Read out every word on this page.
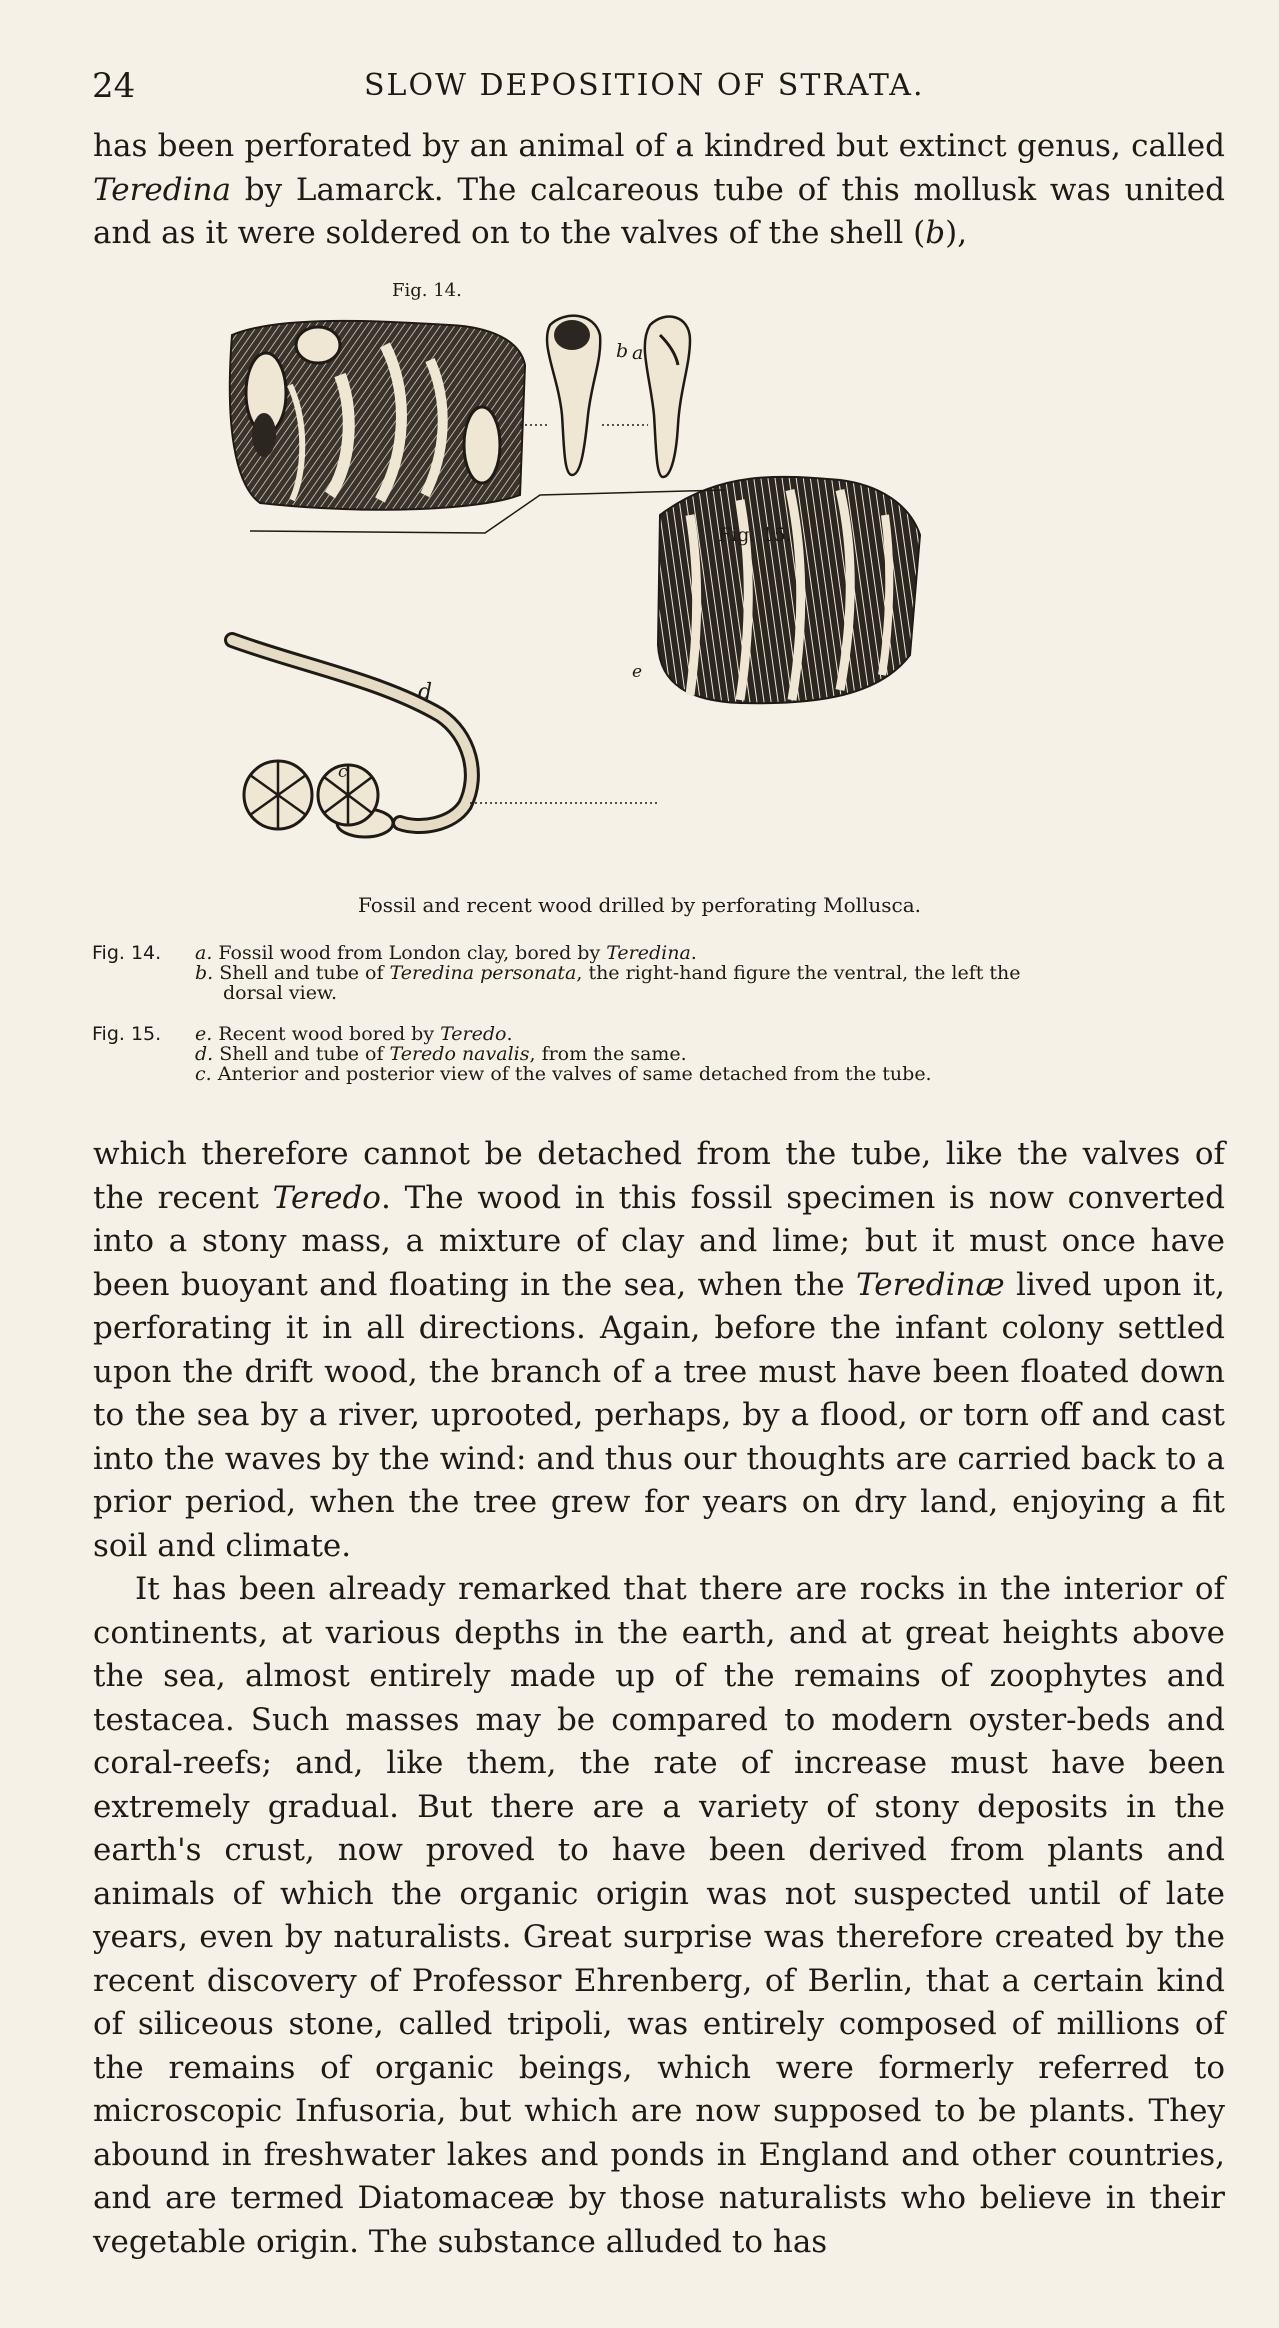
24	SLOW DEPOSITION OF STRATA.

has been perforated by an animal of a kindred but extinct genus, called Teredina by Lamarck. The calcareous tube of this mollusk was united and as it were soldered on to the valves of the shell (b),

Fig. 14.
a
b
Fig. 15.
d
e
c
Fossil and recent wood drilled by perforating Mollusca.
Fig. 14. a. Fossil wood from London clay, bored by Teredina.
b. Shell and tube of Teredina personata, the right-hand figure the ventral, the left the
dorsal view.
Fig. 15. e. Recent wood bored by Teredo.
d. Shell and tube of Teredo navalis, from the same.
c. Anterior and posterior view of the valves of same detached from the tube.

which therefore cannot be detached from the tube, like the valves of the recent Teredo. The wood in this fossil specimen is now converted into a stony mass, a mixture of clay and lime; but it must once have been buoyant and floating in the sea, when the Teredinæ lived upon it, perforating it in all directions. Again, before the infant colony settled upon the drift wood, the branch of a tree must have been floated down to the sea by a river, uprooted, perhaps, by a flood, or torn off and cast into the waves by the wind: and thus our thoughts are carried back to a prior period, when the tree grew for years on dry land, enjoying a fit soil and climate.

It has been already remarked that there are rocks in the interior of continents, at various depths in the earth, and at great heights above the sea, almost entirely made up of the remains of zoophytes and testacea. Such masses may be compared to modern oyster-beds and coral-reefs; and, like them, the rate of increase must have been extremely gradual. But there are a variety of stony deposits in the earth's crust, now proved to have been derived from plants and animals of which the organic origin was not suspected until of late years, even by naturalists. Great surprise was therefore created by the recent discovery of Professor Ehrenberg, of Berlin, that a certain kind of siliceous stone, called tripoli, was entirely composed of millions of the remains of organic beings, which were formerly referred to microscopic Infusoria, but which are now supposed to be plants. They abound in freshwater lakes and ponds in England and other countries, and are termed Diatomaceæ by those naturalists who believe in their vegetable origin. The substance alluded to has
